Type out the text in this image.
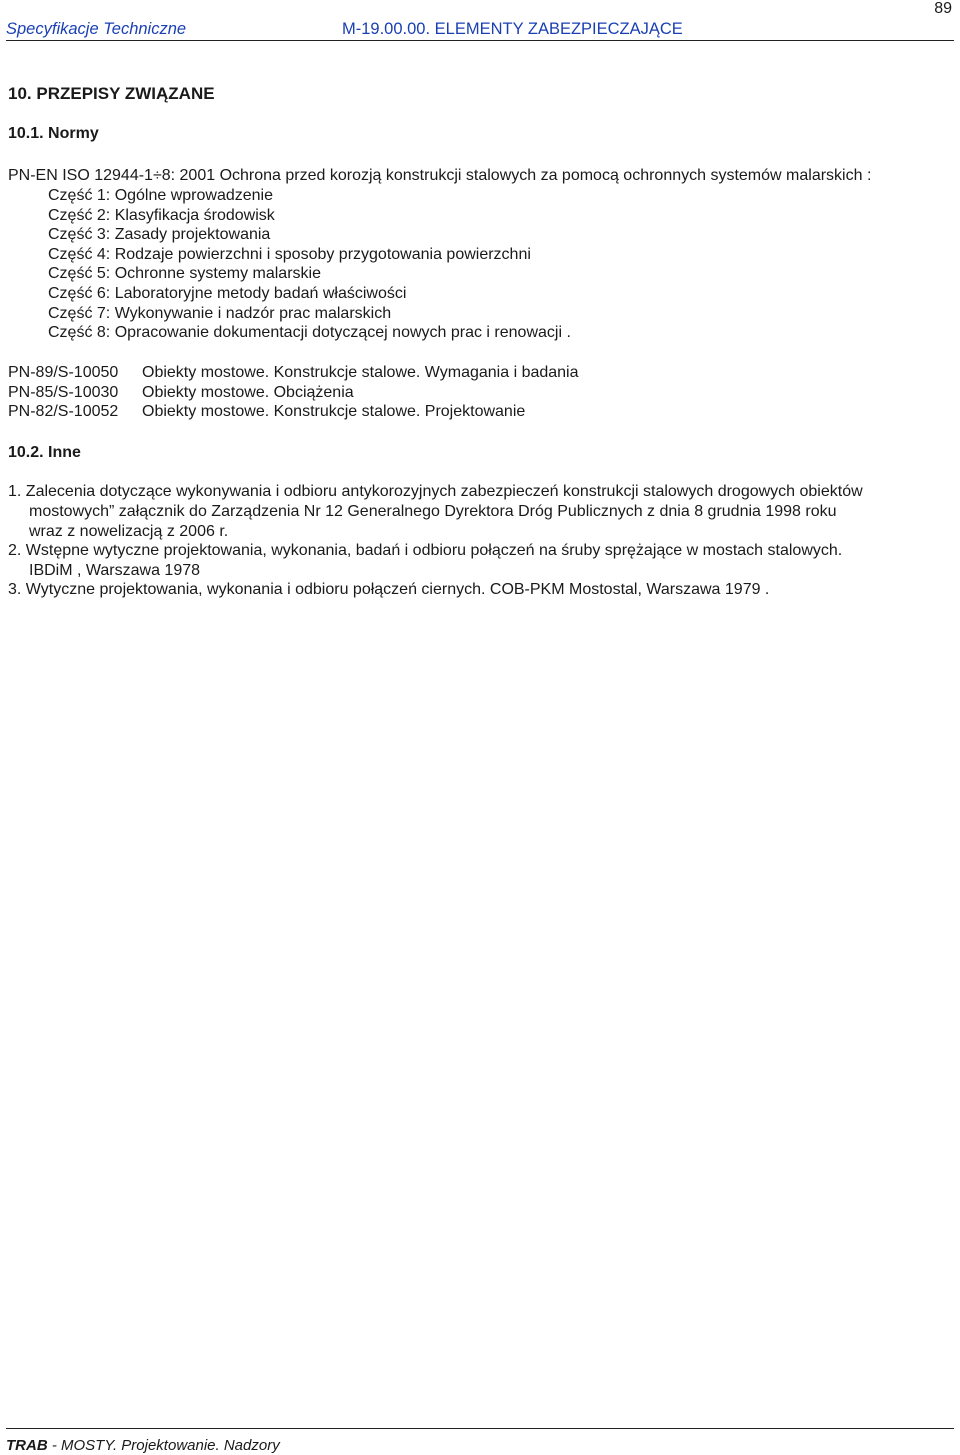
89
Specyfikacje Techniczne	M-19.00.00. ELEMENTY ZABEZPIECZAJĄCE
10. PRZEPISY ZWIĄZANE
10.1. Normy
PN-EN ISO 12944-1÷8: 2001 Ochrona przed korozją konstrukcji stalowych za pomocą ochronnych systemów malarskich :
Część 1: Ogólne wprowadzenie
Część 2: Klasyfikacja środowisk
Część 3: Zasady projektowania
Część 4: Rodzaje powierzchni i sposoby przygotowania powierzchni
Część 5: Ochronne systemy malarskie
Część 6: Laboratoryjne metody badań właściwości
Część 7: Wykonywanie i nadzór prac malarskich
Część 8: Opracowanie dokumentacji dotyczącej nowych prac i renowacji .
PN-89/S-10050 Obiekty mostowe. Konstrukcje stalowe. Wymagania i badania
PN-85/S-10030 Obiekty mostowe. Obciążenia
PN-82/S-10052 Obiekty mostowe. Konstrukcje stalowe. Projektowanie
10.2. Inne
1. Zalecenia dotyczące wykonywania i odbioru antykorozyjnych zabezpieczeń konstrukcji stalowych drogowych obiektów
mostowych” załącznik do Zarządzenia Nr 12 Generalnego Dyrektora Dróg Publicznych z dnia 8 grudnia 1998 roku
wraz z nowelizacją z 2006 r.
2. Wstępne wytyczne projektowania, wykonania, badań i odbioru połączeń na śruby sprężające w mostach stalowych.
IBDiM , Warszawa 1978
3. Wytyczne projektowania, wykonania i odbioru połączeń ciernych. COB-PKM Mostostal, Warszawa 1979 .
TRAB - MOSTY. Projektowanie. Nadzory
